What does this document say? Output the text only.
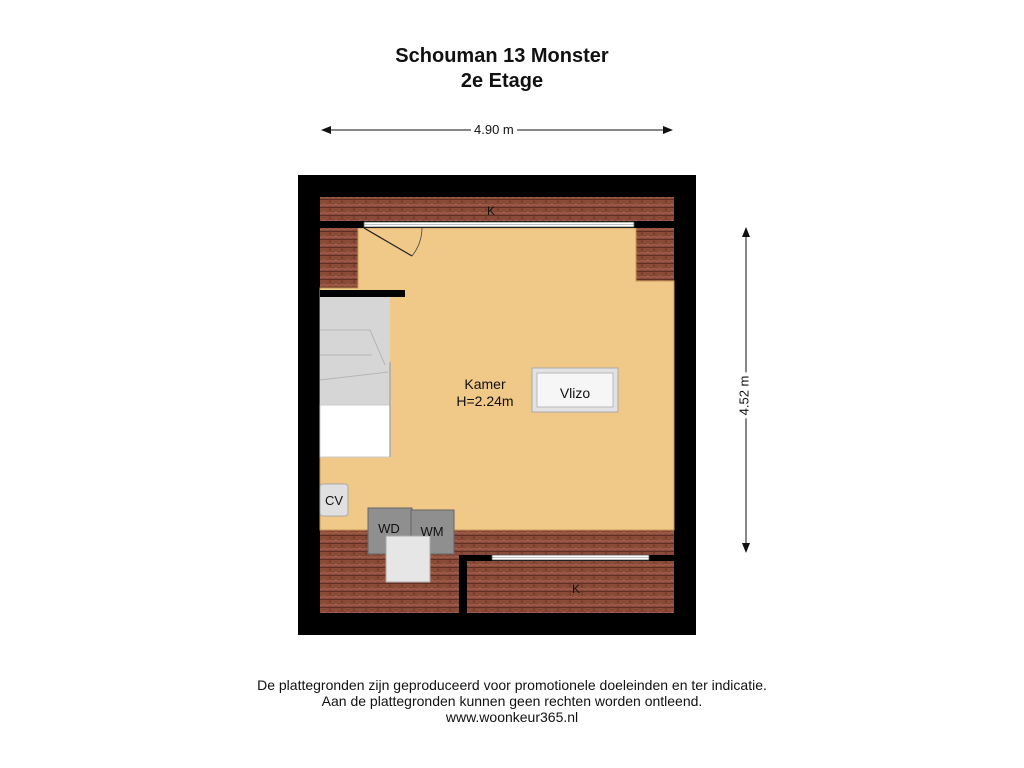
Schouman 13 Monster
2e Etage
Kamer
H=2.24m	Vlizo
CV
WD WM
K
K
4.90 m
4.52 m
De plattegronden zijn geproduceerd voor promotionele doeleinden en ter indicatie.
Aan de plattegronden kunnen geen rechten worden ontleend.
www.woonkeur365.nl
